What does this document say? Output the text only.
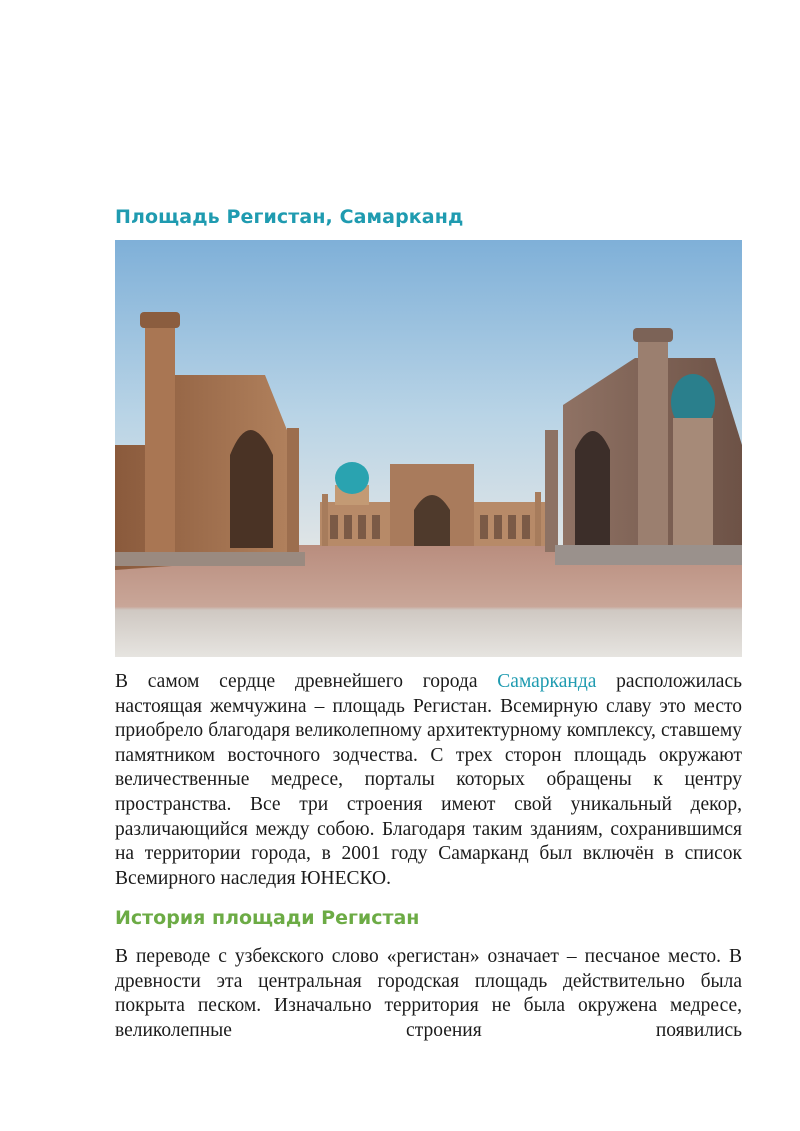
Площадь Регистан, Самарканд

В самом сердце древнейшего города Самарканда расположилась настоящая жемчужина – площадь Регистан. Всемирную славу это место приобрело благодаря великолепному архитектурному комплексу, ставшему памятником восточного зодчества. С трех сторон площадь окружают величественные медресе, порталы которых обращены к центру пространства. Все три строения имеют свой уникальный декор, различающийся между собою. Благодаря таким зданиям, сохранившимся на территории города, в 2001 году Самарканд был включён в список Всемирного наследия ЮНЕСКО.

История площади Регистан

В переводе с узбекского слово «регистан» означает – песчаное место. В древности эта центральная городская площадь действительно была покрыта песком. Изначально территория не была окружена медресе, великолепные строения появились
